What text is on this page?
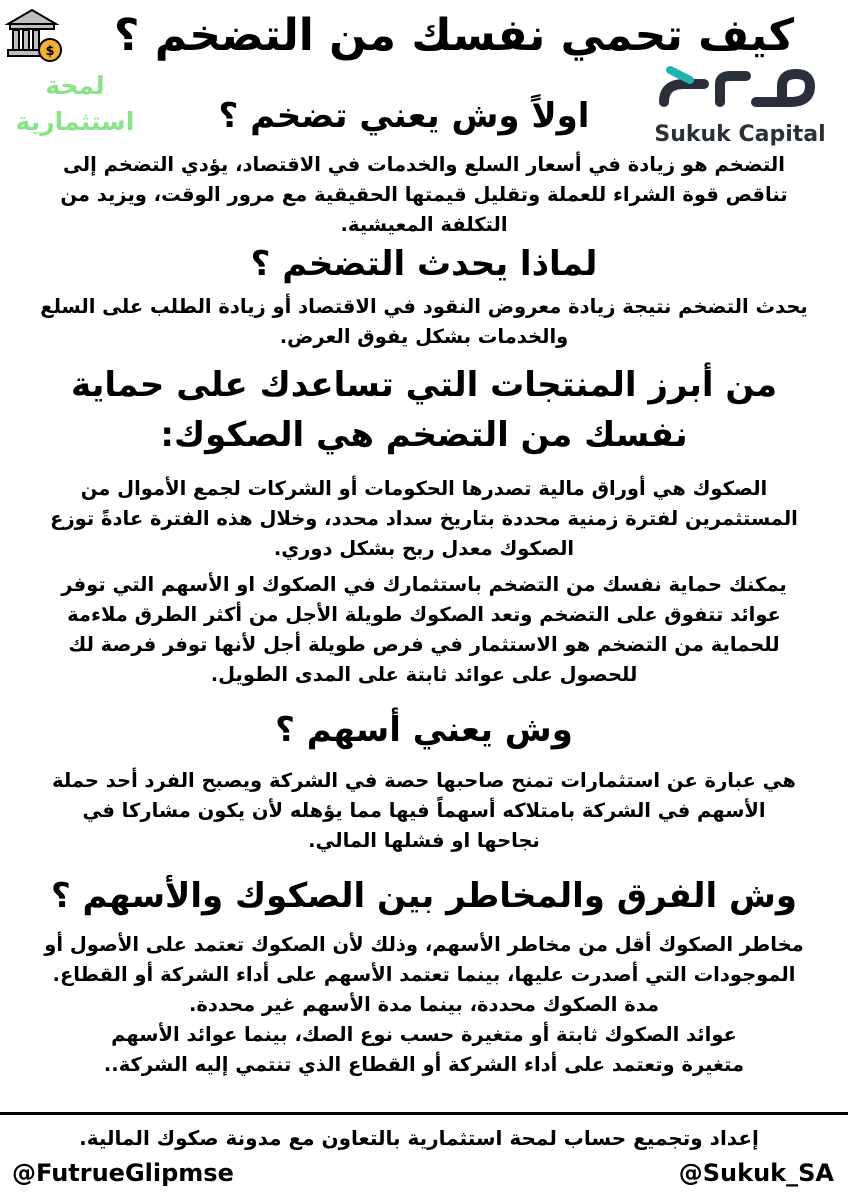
$	كيف تحمي نفسك من التضخم ؟
لمحة
استثمارية	Sukuk Capital
اولاً وش يعني تضخم ؟

التضخم هو زيادة في أسعار السلع والخدمات في الاقتصاد، يؤدي التضخم إلى

تناقص قوة الشراء للعملة وتقليل قيمتها الحقيقية مع مرور الوقت، ويزيد من

التكلفة المعيشية.

لماذا يحدث التضخم ؟

يحدث التضخم نتيجة زيادة معروض النقود في الاقتصاد أو زيادة الطلب على السلع

والخدمات بشكل يفوق العرض.

من أبرز المنتجات التي تساعدك على حماية
نفسك من التضخم هي الصكوك:

الصكوك هي أوراق مالية تصدرها الحكومات أو الشركات لجمع الأموال من

المستثمرين لفترة زمنية محددة بتاريخ سداد محدد، وخلال هذه الفترة عادةً توزع

الصكوك معدل ربح بشكل دوري.

يمكنك حماية نفسك من التضخم باستثمارك في الصكوك او الأسهم التي توفر

عوائد تتفوق على التضخم وتعد الصكوك طويلة الأجل من أكثر الطرق ملاءمة

للحماية من التضخم هو الاستثمار في فرص طويلة أجل لأنها توفر فرصة لك

للحصول على عوائد ثابتة على المدى الطويل.

وش يعني أسهم ؟

هي عبارة عن استثمارات تمنح صاحبها حصة في الشركة ويصبح الفرد أحد حملة

الأسهم في الشركة بامتلاكه أسهماً فيها مما يؤهله لأن يكون مشاركا في

نجاحها او فشلها المالي.

وش الفرق والمخاطر بين الصكوك والأسهم ؟

مخاطر الصكوك أقل من مخاطر الأسهم، وذلك لأن الصكوك تعتمد على الأصول أو

الموجودات التي أصدرت عليها، بينما تعتمد الأسهم على أداء الشركة أو القطاع.

مدة الصكوك محددة، بينما مدة الأسهم غير محددة.

عوائد الصكوك ثابتة أو متغيرة حسب نوع الصك، بينما عوائد الأسهم

متغيرة وتعتمد على أداء الشركة أو القطاع الذي تنتمي إليه الشركة..

إعداد وتجميع حساب لمحة استثمارية بالتعاون مع مدونة صكوك المالية.

@FutrueGlipmse	@Sukuk_SA
